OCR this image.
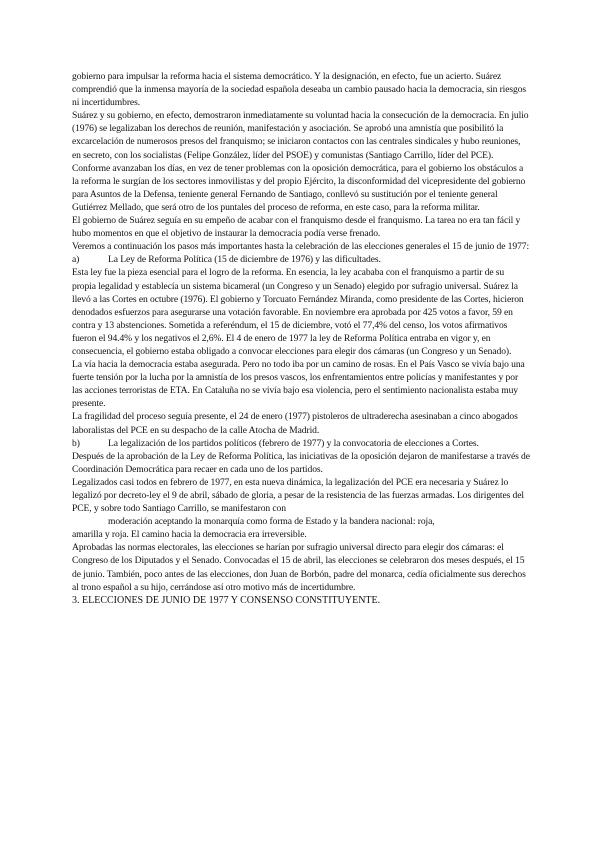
gobierno para impulsar la reforma hacia el sistema democrático. Y la designación, en efecto, fue un acierto. Suárez comprendió que la inmensa mayoría de la sociedad española deseaba un cambio pausado hacia la democracia, sin riesgos ni incertidumbres.

Suárez y su gobierno, en efecto, demostraron inmediatamente su voluntad hacia la consecución de la democracia. En julio (1976) se legalizaban los derechos de reunión, manifestación y asociación. Se aprobó una amnistía que posibilitó la excarcelación de numerosos presos del franquismo; se iniciaron contactos con las centrales sindicales y hubo reuniones, en secreto, con los socialistas (Felipe González, líder del PSOE) y comunistas (Santiago Carrillo, líder del PCE).

Conforme avanzaban los días, en vez de tener problemas con la oposición democrática, para el gobierno los obstáculos a la reforma le surgían de los sectores inmovilistas y del propio Ejército, la disconformidad del vicepresidente del gobierno para Asuntos de la Defensa, teniente general Fernando de Santiago, conllevó su sustitución por el teniente general Gutiérrez Mellado, que será otro de los puntales del proceso de reforma, en este caso, para la reforma militar.

El gobierno de Suárez seguía en su empeño de acabar con el franquismo desde el franquismo. La tarea no era tan fácil y hubo momentos en que el objetivo de instaurar la democracia podía verse frenado.

Veremos a continuación los pasos más importantes hasta la celebración de las elecciones generales el 15 de junio de 1977:

a)	La Ley de Reforma Política (15 de diciembre de 1976) y las dificultades.

Esta ley fue la pieza esencial para el logro de la reforma. En esencia, la ley acababa con el franquismo a partir de su propia legalidad y establecía un sistema bicameral (un Congreso y un Senado) elegido por sufragio universal. Suárez la llevó a las Cortes en octubre (1976). El gobierno y Torcuato Fernández Miranda, como presidente de las Cortes, hicieron denodados esfuerzos para asegurarse una votación favorable. En noviembre era aprobada por 425 votos a favor, 59 en contra y 13 abstenciones. Sometida a referéndum, el 15 de diciembre, votó el 77,4% del censo, los votos afirmativos fueron el 94.4% y los negativos el 2,6%. El 4 de enero de 1977 la ley de Reforma Política entraba en vigor y, en consecuencia, el gobierno estaba obligado a convocar elecciones para elegir dos cámaras (un Congreso y un Senado).

La vía hacia la democracia estaba asegurada. Pero no todo iba por un camino de rosas. En el País Vasco se vivía bajo una fuerte tensión por la lucha por la amnistía de los presos vascos, los enfrentamientos entre policías y manifestantes y por las acciones terroristas de ETA. En Cataluña no se vivía bajo esa violencia, pero el sentimiento nacionalista estaba muy presente.

La fragilidad del proceso seguía presente, el 24 de enero (1977) pistoleros de ultraderecha asesinaban a cinco abogados laboralistas del PCE en su despacho de la calle Atocha de Madrid.

b)	La legalización de los partidos políticos (febrero de 1977) y la convocatoria de elecciones a Cortes.

Después de la aprobación de la Ley de Reforma Política, las iniciativas de la oposición dejaron de manifestarse a través de Coordinación Democrática para recaer en cada uno de los partidos.

Legalizados casi todos en febrero de 1977, en esta nueva dinámica, la legalización del PCE era necesaria y Suárez lo legalizó por decreto-ley el 9 de abril, sábado de gloria, a pesar de la resistencia de las fuerzas armadas. Los dirigentes del PCE, y sobre todo Santiago Carrillo, se manifestaron con

moderación aceptando la monarquía como forma de Estado y la bandera nacional: roja,

amarilla y roja. El camino hacia la democracia era irreversible.

Aprobadas las normas electorales, las elecciones se harían por sufragio universal directo para elegir dos cámaras: el Congreso de los Diputados y el Senado. Convocadas el 15 de abril, las elecciones se celebraron dos meses después, el 15 de junio. También, poco antes de las elecciones, don Juan de Borbón, padre del monarca, cedía oficialmente sus derechos al trono español a su hijo, cerrándose así otro motivo más de incertidumbre.

3. ELECCIONES DE JUNIO DE 1977 Y CONSENSO CONSTITUYENTE.
